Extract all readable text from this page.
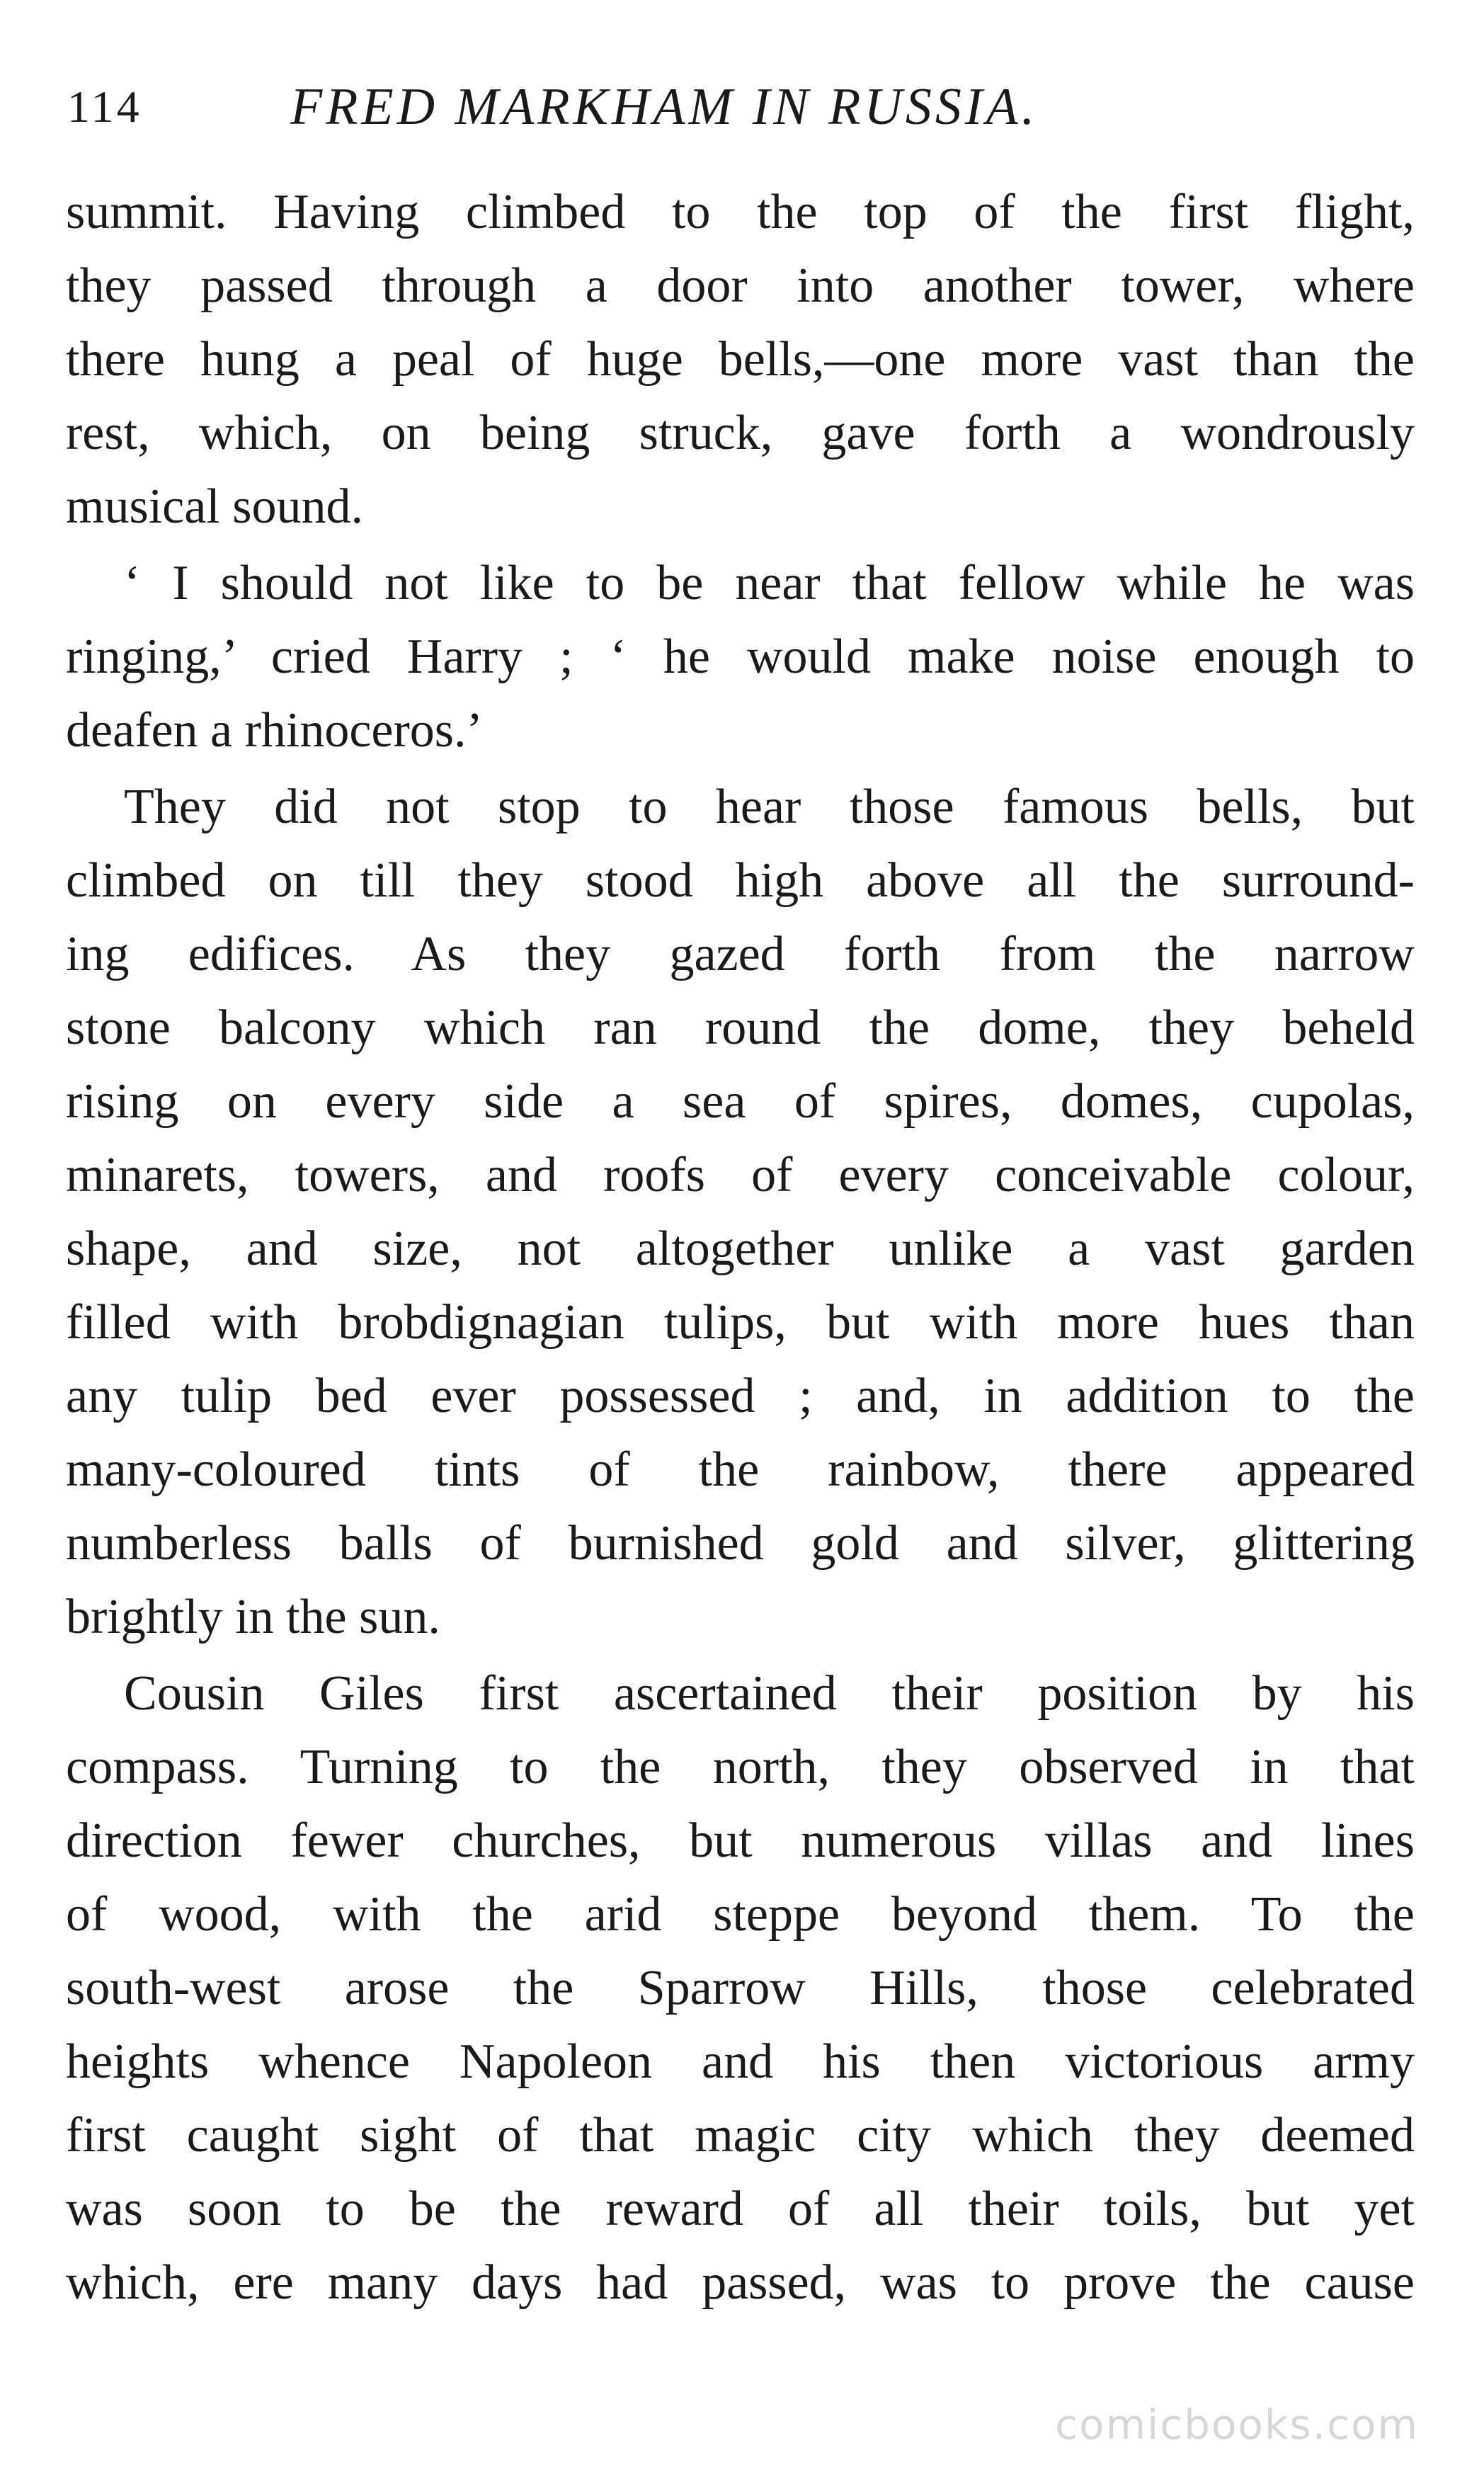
114	FRED MARKHAM IN RUSSIA.
summit. Having climbed to the top of the first flight,
they passed through a door into another tower, where
there hung a peal of huge bells,—one more vast than the
rest, which, on being struck, gave forth a wondrously
musical sound.
‘ I should not like to be near that fellow while he was
ringing,’ cried Harry ; ‘ he would make noise enough to
deafen a rhinoceros.’
They did not stop to hear those famous bells, but
climbed on till they stood high above all the surround-
ing edifices. As they gazed forth from the narrow
stone balcony which ran round the dome, they beheld
rising on every side a sea of spires, domes, cupolas,
minarets, towers, and roofs of every conceivable colour,
shape, and size, not altogether unlike a vast garden
filled with brobdignagian tulips, but with more hues than
any tulip bed ever possessed ; and, in addition to the
many-coloured tints of the rainbow, there appeared
numberless balls of burnished gold and silver, glittering
brightly in the sun.
Cousin Giles first ascertained their position by his
compass. Turning to the north, they observed in that
direction fewer churches, but numerous villas and lines
of wood, with the arid steppe beyond them. To the
south-west arose the Sparrow Hills, those celebrated
heights whence Napoleon and his then victorious army
first caught sight of that magic city which they deemed
was soon to be the reward of all their toils, but yet
which, ere many days had passed, was to prove the cause
comicbooks.com
